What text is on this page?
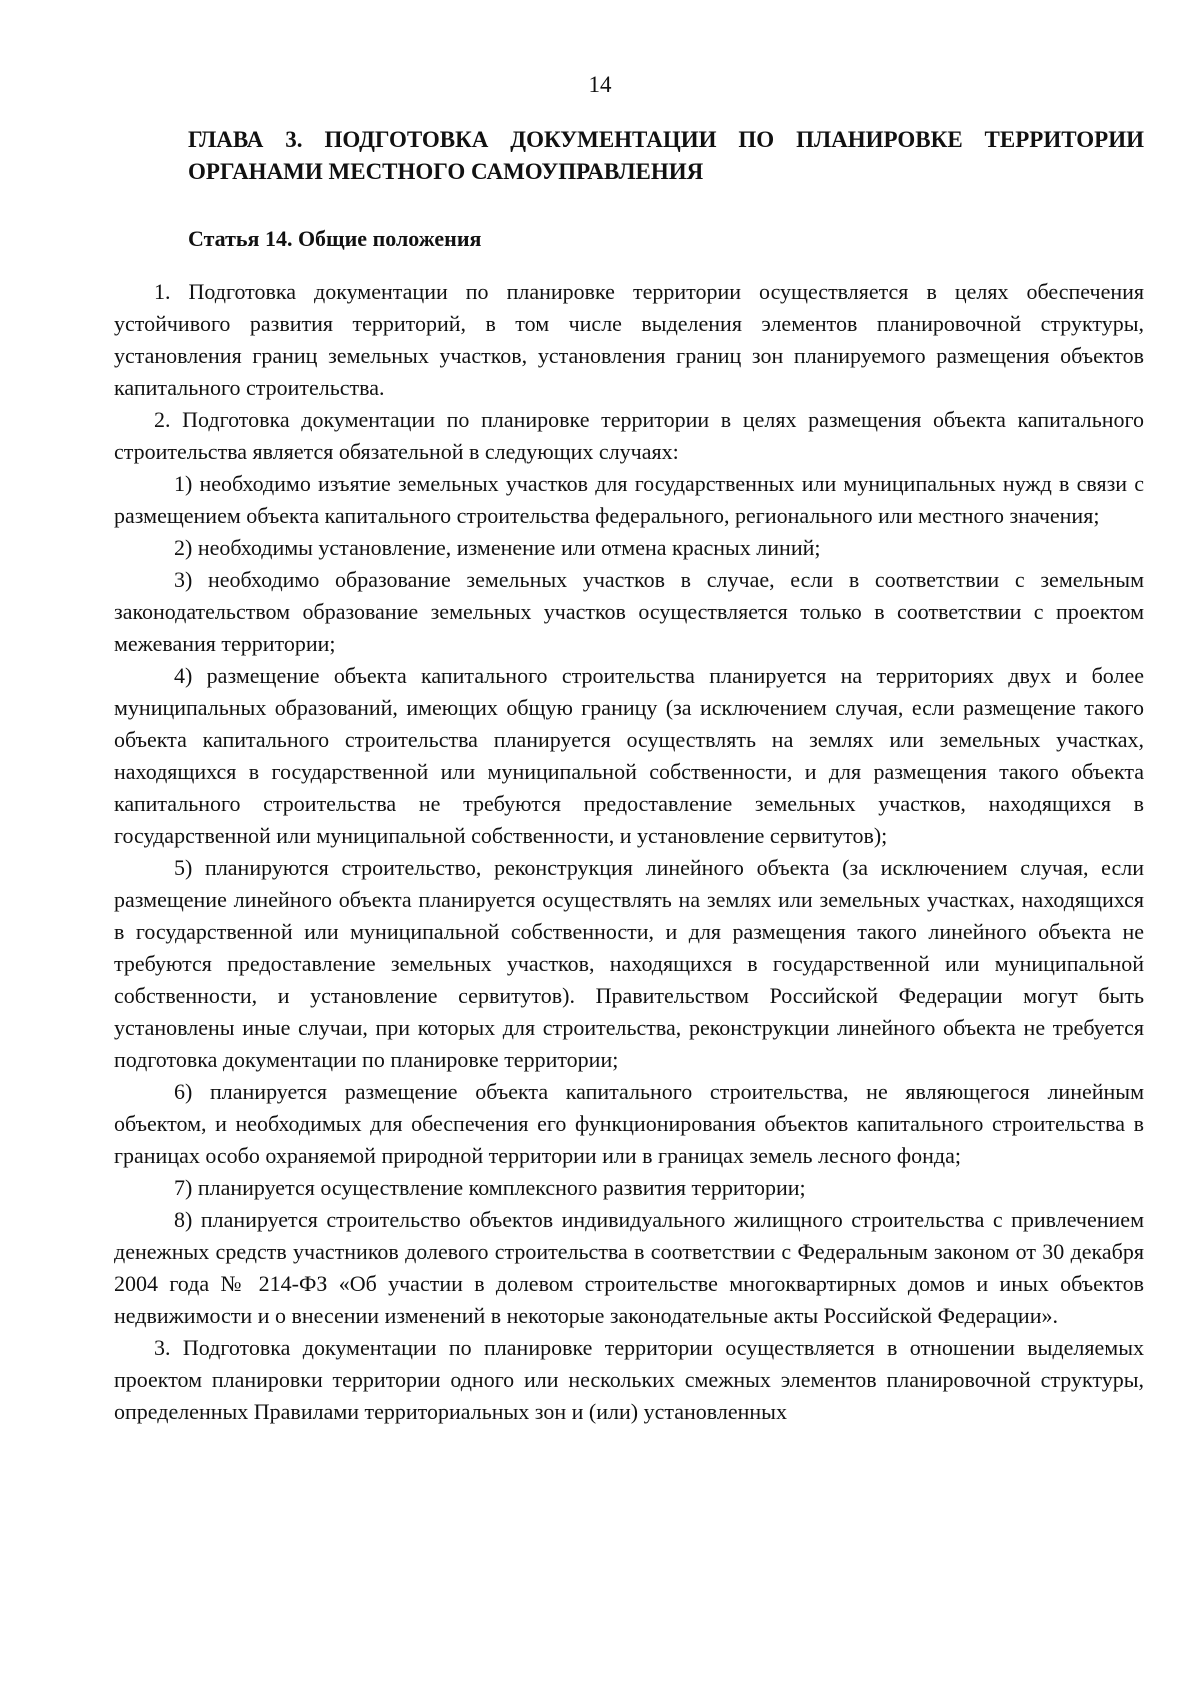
14
ГЛАВА 3. ПОДГОТОВКА ДОКУМЕНТАЦИИ ПО ПЛАНИРОВКЕ ТЕРРИТОРИИ ОРГАНАМИ МЕСТНОГО САМОУПРАВЛЕНИЯ
Статья 14. Общие положения

1. Подготовка документации по планировке территории осуществляется в целях обеспечения устойчивого развития территорий, в том числе выделения элементов планировочной структуры, установления границ земельных участков, установления границ зон планируемого размещения объектов капитального строительства.

2. Подготовка документации по планировке территории в целях размещения объекта капитального строительства является обязательной в следующих случаях:

1) необходимо изъятие земельных участков для государственных или муниципальных нужд в связи с размещением объекта капитального строительства федерального, регионального или местного значения;

2) необходимы установление, изменение или отмена красных линий;

3) необходимо образование земельных участков в случае, если в соответствии с земельным законодательством образование земельных участков осуществляется только в соответствии с проектом межевания территории;

4) размещение объекта капитального строительства планируется на территориях двух и более муниципальных образований, имеющих общую границу (за исключением случая, если размещение такого объекта капитального строительства планируется осуществлять на землях или земельных участках, находящихся в государственной или муниципальной собственности, и для размещения такого объекта капитального строительства не требуются предоставление земельных участков, находящихся в государственной или муниципальной собственности, и установление сервитутов);

5) планируются строительство, реконструкция линейного объекта (за исключением случая, если размещение линейного объекта планируется осуществлять на землях или земельных участках, находящихся в государственной или муниципальной собственности, и для размещения такого линейного объекта не требуются предоставление земельных участков, находящихся в государственной или муниципальной собственности, и установление сервитутов). Правительством Российской Федерации могут быть установлены иные случаи, при которых для строительства, реконструкции линейного объекта не требуется подготовка документации по планировке территории;

6) планируется размещение объекта капитального строительства, не являющегося линейным объектом, и необходимых для обеспечения его функционирования объектов капитального строительства в границах особо охраняемой природной территории или в границах земель лесного фонда;

7) планируется осуществление комплексного развития территории;

8) планируется строительство объектов индивидуального жилищного строительства с привлечением денежных средств участников долевого строительства в соответствии с Федеральным законом от 30 декабря 2004 года № 214-ФЗ «Об участии в долевом строительстве многоквартирных домов и иных объектов недвижимости и о внесении изменений в некоторые законодательные акты Российской Федерации».

3. Подготовка документации по планировке территории осуществляется в отношении выделяемых проектом планировки территории одного или нескольких смежных элементов планировочной структуры, определенных Правилами территориальных зон и (или) установленных
